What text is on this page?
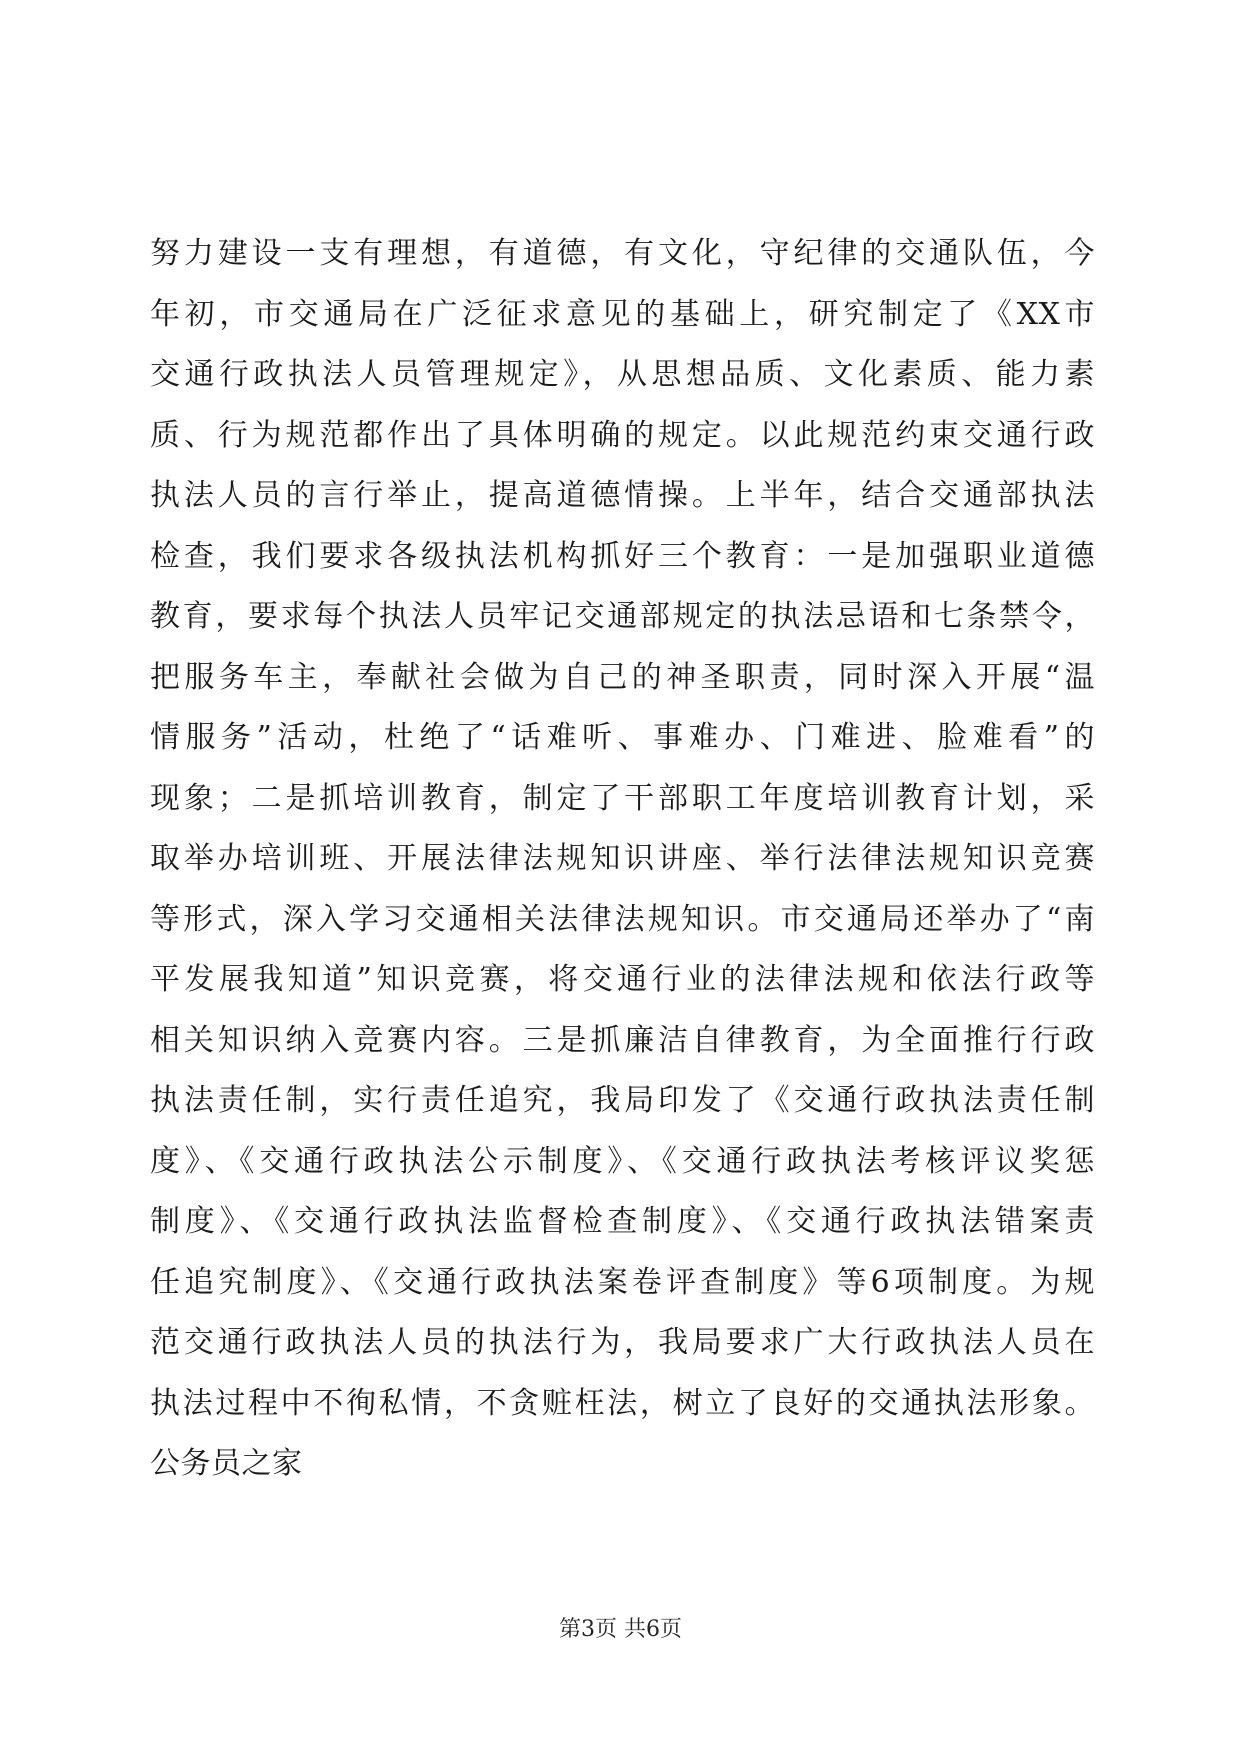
努力建设一支有理想，有道德，有文化，守纪律的交通队伍，今
年初，市交通局在广泛征求意见的基础上，研究制定了《XX市
交通行政执法人员管理规定》，从思想品质、文化素质、能力素
质、行为规范都作出了具体明确的规定。以此规范约束交通行政
执法人员的言行举止，提高道德情操。上半年，结合交通部执法
检查，我们要求各级执法机构抓好三个教育：一是加强职业道德
教育，要求每个执法人员牢记交通部规定的执法忌语和七条禁令，
把服务车主，奉献社会做为自己的神圣职责，同时深入开展“温
情服务”活动，杜绝了“话难听、事难办、门难进、脸难看”的
现象；二是抓培训教育，制定了干部职工年度培训教育计划，采
取举办培训班、开展法律法规知识讲座、举行法律法规知识竞赛
等形式，深入学习交通相关法律法规知识。市交通局还举办了“南
平发展我知道”知识竞赛，将交通行业的法律法规和依法行政等
相关知识纳入竞赛内容。三是抓廉洁自律教育，为全面推行行政
执法责任制，实行责任追究，我局印发了《交通行政执法责任制
度》、《交通行政执法公示制度》、《交通行政执法考核评议奖惩
制度》、《交通行政执法监督检查制度》、《交通行政执法错案责
任追究制度》、《交通行政执法案卷评查制度》等6项制度。为规
范交通行政执法人员的执法行为，我局要求广大行政执法人员在
执法过程中不徇私情，不贪赃枉法，树立了良好的交通执法形象。
公务员之家
第3页 共6页
